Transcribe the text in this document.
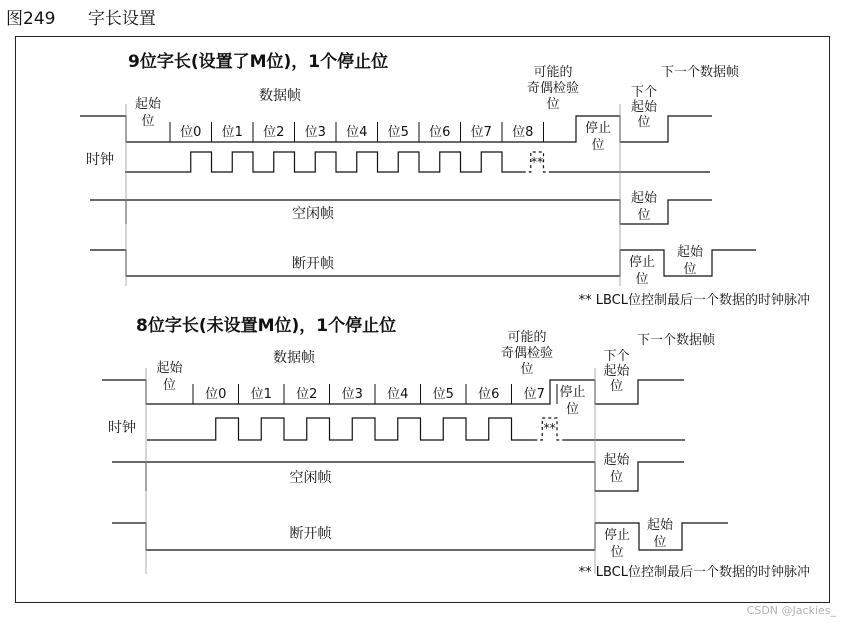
图249      字长设置
9位字长(设置了M位)，1个停止位
数据帧
可能的
奇偶检验
位
下一个数据帧
起始
位
位0 位1 位2 位3 位4 位5 位6 位7 位8	停止
位
下个
起始
位
时钟	**
空闲帧
起始
位
断开帧	停止
位
起始
位
** LBCL位控制最后一个数据的时钟脉冲
8位字长(未设置M位)，1个停止位
数据帧
可能的
奇偶检验
位
下一个数据帧
起始
位
位0 位1 位2 位3 位4 位5 位6 位7 停止
位
下个
起始
位
时钟	**
空闲帧
起始
位
断开帧	停止
位
起始
位
** LBCL位控制最后一个数据的时钟脉冲
CSDN @Jackies_
